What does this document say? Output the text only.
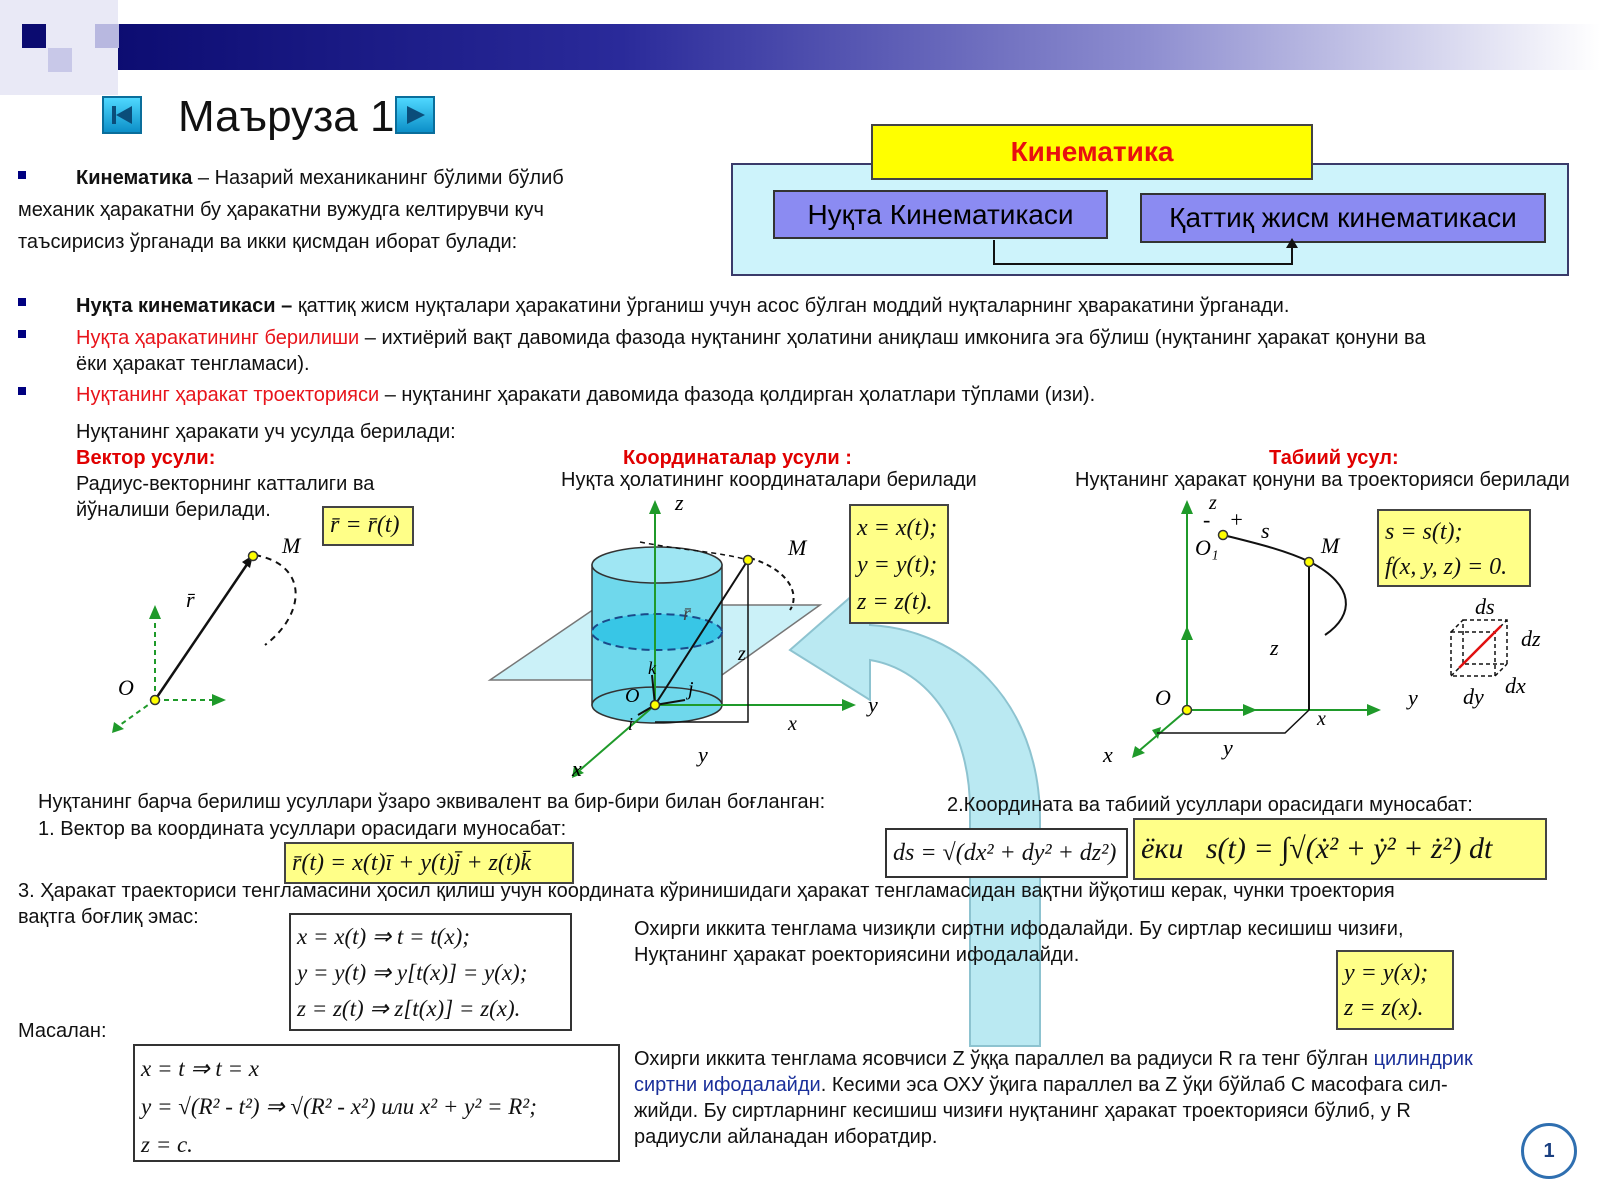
Маъруза 1
Кинематика – Назарий механиканинг бўлими бўлиб
механик ҳаракатни бу ҳаракатни вужудга келтирувчи куч
таъсирисиз ўрганади ва икки қисмдан иборат булади:
Кинематика
Нуқта Кинематикаси	Қаттиқ жисм кинематикаси
Нуқта кинематикаси – қаттиқ жисм нуқталари ҳаракатини ўрганиш учун асос бўлган моддий нуқталарнинг ҳваракатини ўрганади.
Нуқта ҳаракатининг берилиши – ихтиёрий вақт давомида фазода нуқтанинг ҳолатини аниқлаш имконига эга бўлиш (нуқтанинг ҳаракат қонуни ва
ёки ҳаракат тенгламаси).
Нуқтанинг ҳаракат троекторияси – нуқтанинг ҳаракати давомида фазода қолдирган ҳолатлари тўплами (изи).
Нуқтанинг ҳаракати уч усулда берилади:
Вектор усули:
Радиус-векторнинг катталиги ва
йўналиши берилади.
r̄ = r̄(t)
Координаталар усули :
Нуқта ҳолатининг координаталари берилади
Табиий усул:
Нуқтанинг ҳаракат қонуни ва троекторияси берилади
M
r̄
O
z
M
r̄
z
k
j
i
O	y
x
y
x
x = x(t);
y = y(t);
z = z(t).
z
- + s
O₁	M
z
O	y
x
y
x
s = s(t);
f(x, y, z) = 0.
ds
dz
dx
dy
Нуқтанинг барча берилиш усуллари ўзаро эквивалент ва бир-бири билан боғланган:
1. Вектор ва координата усуллари орасидаги муносабат:
r̄(t) = x(t)ī + y(t)j̄ + z(t)k̄
2.Координата ва табиий усуллари орасидаги муносабат:
ds = √(dx² + dy² + dz²) ёки s(t) = ∫√(ẋ² + ẏ² + ż²) dt
3. Ҳаракат траекториcи тенгламасини ҳосил қилиш учун координата кўринишидаги ҳаракат тенгламасидан вақтни йўқотиш керак, чунки троектория
вақтга боғлиқ эмас:
x = x(t) ⇒ t = t(x);
y = y(t) ⇒ y[t(x)] = y(x);
z = z(t) ⇒ z[t(x)] = z(x).
Охирги иккита тенглама чизиқли сиртни ифодалайди. Бу сиртлар кесишиш чизиғи,
Нуқтанинг ҳаракат роекториясини ифодалайди.
y = y(x);
z = z(x).
Масалан:
x = t ⇒ t = x
y = √(R² - t²) ⇒ √(R² - x²) или x² + y² = R²;
z = c.
Охирги иккита тенглама ясовчиси Z ўққа параллел ва радиуси R га тенг бўлган цилиндрик
сиртни ифодалайди. Кесими эса ОХУ ўқига параллел ва Z ўқи бўйлаб С масофага сил-
жийди. Бу сиртларнинг кесишиш чизиғи нуқтанинг ҳаракат троекторияси бўлиб, у R
радиусли айланадан иборатдир.
1
